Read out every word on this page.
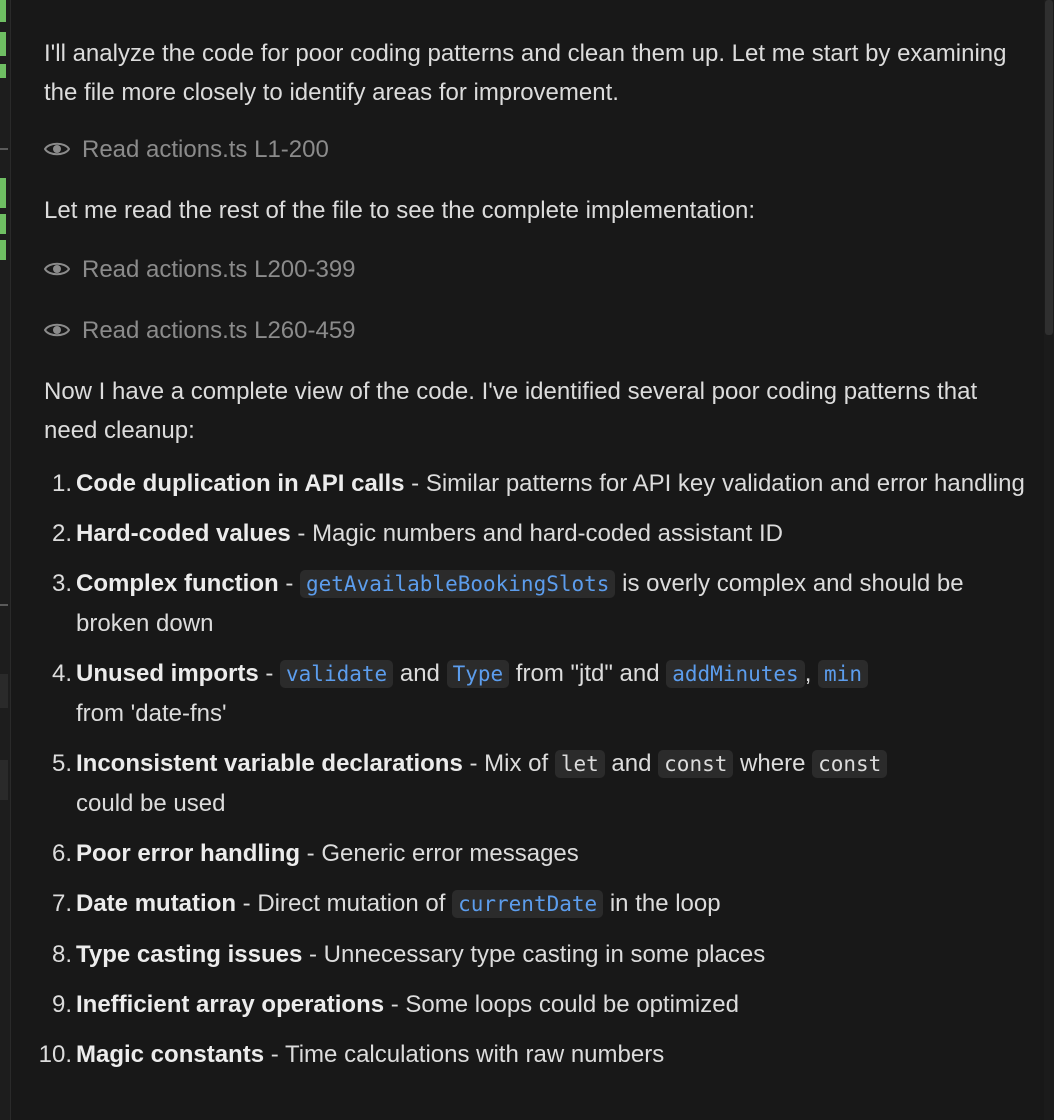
I'll analyze the code for poor coding patterns and clean them up. Let me start by examining the file more closely to identify areas for improvement.

Read actions.ts L1-200

Let me read the rest of the file to see the complete implementation:

Read actions.ts L200-399
Read actions.ts L260-459

Now I have a complete view of the code. I've identified several poor coding patterns that need cleanup:

1. Code duplication in API calls - Similar patterns for API key validation and error handling
2. Hard-coded values - Magic numbers and hard-coded assistant ID
3. Complex function - getAvailableBookingSlots is overly complex and should be broken down
4. Unused imports - validate and Type from "jtd" and addMinutes , min
from 'date-fns'
5. Inconsistent variable declarations - Mix of let and const where const
could be used
6. Poor error handling - Generic error messages
7. Date mutation - Direct mutation of currentDate in the loop
8. Type casting issues - Unnecessary type casting in some places
9. Inefficient array operations - Some loops could be optimized
10. Magic constants - Time calculations with raw numbers
